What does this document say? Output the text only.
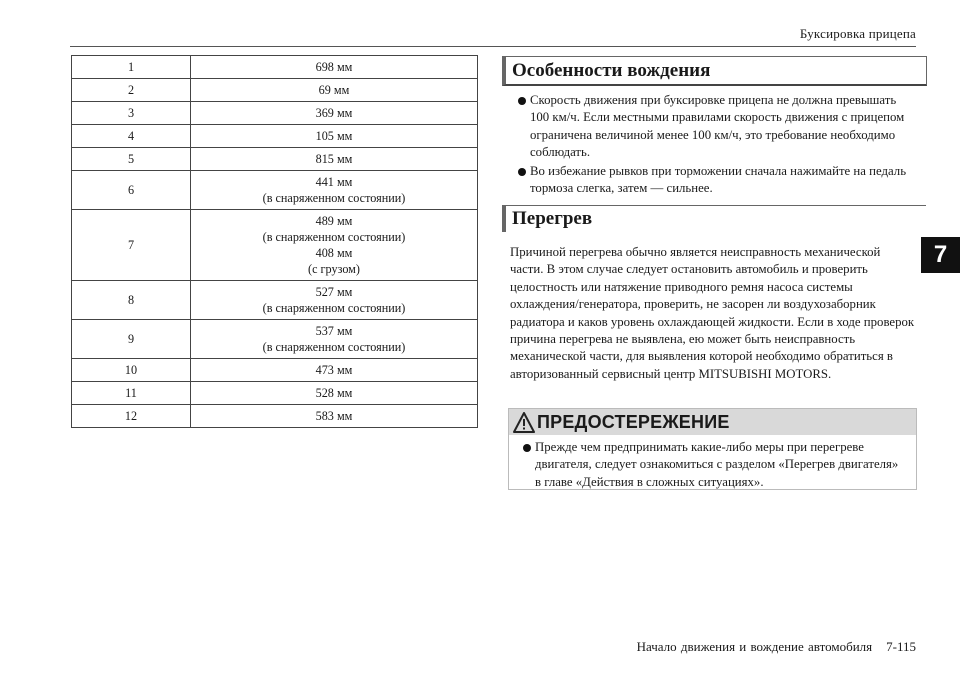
Буксировка прицепа
7
1	698 мм
2	69 мм
3	369 мм
4	105 мм
5	815 мм
6	441 мм
(в снаряженном состоянии)

7	489 мм
(в снаряженном состоянии)
408 мм
(с грузом)

8	527 мм
(в снаряженном состоянии)

9	537 мм
(в снаряженном состоянии)

10	473 мм
11	528 мм
12	583 мм
Особенности вождения
Скорость движения при буксировке прицепа не должна превышать 100 км/ч. Если местными правилами скорость движения с прицепом ограничена величиной менее 100 км/ч, это требование необходимо соблюдать.
Во избежание рывков при торможении сначала нажимайте на педаль тормоза слегка, затем — сильнее.
Перегрев

Причиной перегрева обычно является неисправность механической части. В этом случае следует остановить автомобиль и проверить целостность или натяжение приводного ремня насоса системы охлаждения/генератора, проверить, не засорен ли воздухозаборник радиатора и каков уровень охлаждающей жидкости. Если в ходе проверок причина перегрева не выявлена, ею может быть неисправность механической части, для выявления которой необходимо обратиться в авторизованный сервисный центр MITSUBISHI MOTORS.

ПРЕДОСТЕРЕЖЕНИЕ
Прежде чем предпринимать какие-либо меры при перегреве двигателя, следует ознакомиться с разделом «Перегрев двигателя» в главе «Действия в сложных ситуациях».
Начало движения и вождение автомобиля 7-115
